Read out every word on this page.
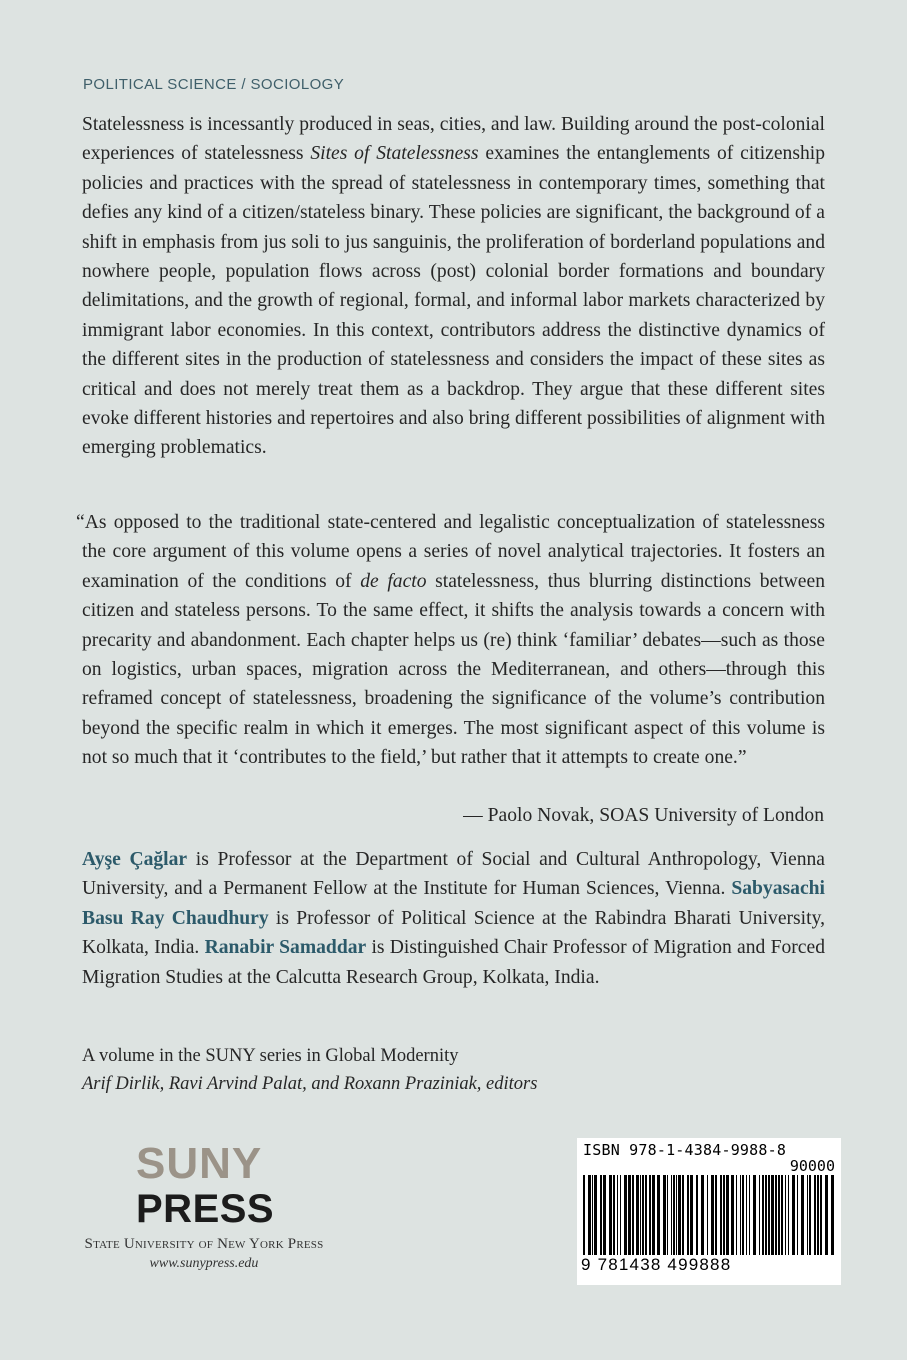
POLITICAL SCIENCE / SOCIOLOGY
Statelessness is incessantly produced in seas, cities, and law. Building around the post-colonial experiences of statelessness Sites of Statelessness examines the entanglements of citizenship policies and practices with the spread of statelessness in contemporary times, something that defies any kind of a citizen/stateless binary. These policies are significant, the background of a shift in emphasis from jus soli to jus sanguinis, the proliferation of borderland populations and nowhere people, population flows across (post) colonial border formations and boundary delimitations, and the growth of regional, formal, and informal labor markets characterized by immigrant labor economies. In this context, contributors address the distinctive dynamics of the different sites in the production of statelessness and considers the impact of these sites as critical and does not merely treat them as a backdrop. They argue that these different sites evoke different histories and repertoires and also bring different possibilities of alignment with emerging problematics.
“As opposed to the traditional state-centered and legalistic conceptualization of statelessness the core argument of this volume opens a series of novel analytical trajectories. It fosters an examination of the conditions of de facto statelessness, thus blurring distinctions between citizen and stateless persons. To the same effect, it shifts the analysis towards a concern with precarity and abandonment. Each chapter helps us (re) think ‘familiar’ debates—such as those on logistics, urban spaces, migration across the Mediterranean, and others—through this reframed concept of statelessness, broadening the significance of the volume’s contribution beyond the specific realm in which it emerges. The most significant aspect of this volume is not so much that it ‘contributes to the field,’ but rather that it attempts to create one.”
— Paolo Novak, SOAS University of London
Ayşe Çağlar is Professor at the Department of Social and Cultural Anthropology, Vienna University, and a Permanent Fellow at the Institute for Human Sciences, Vienna. Sabyasachi Basu Ray Chaudhury is Professor of Political Science at the Rabindra Bharati University, Kolkata, India. Ranabir Samaddar is Distinguished Chair Professor of Migration and Forced Migration Studies at the Calcutta Research Group, Kolkata, India.
A volume in the SUNY series in Global Modernity
Arif Dirlik, Ravi Arvind Palat, and Roxann Praziniak, editors
SUNY
PRESS
State University of New York Press
www.sunypress.edu
ISBN 978-1-4384-9988-8
90000
9 781438 499888
